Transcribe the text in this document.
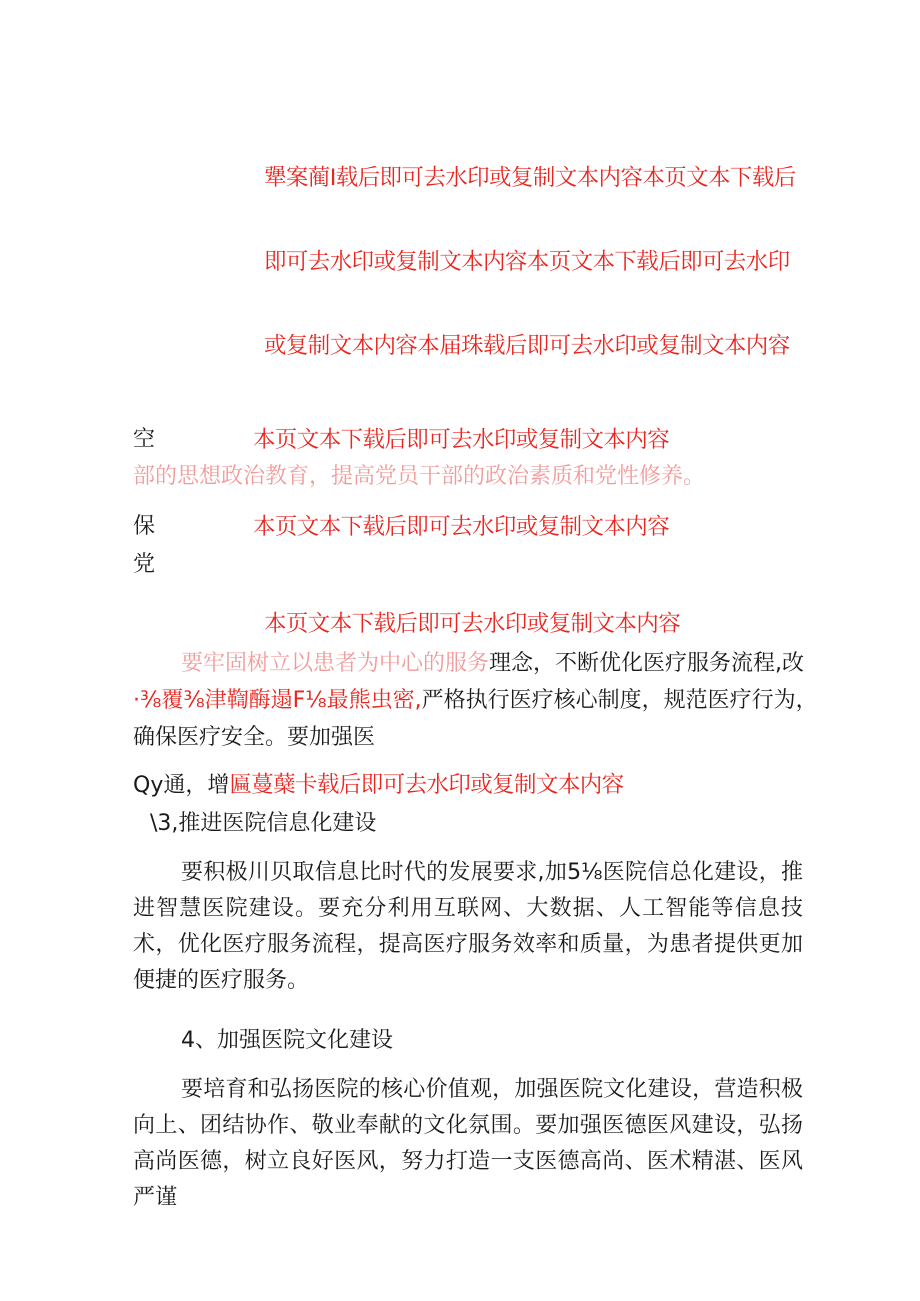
犟案蔺I载后即可去水印或复制文本内容本页文本下载后
即可去水印或复制文本内容本页文本下载后即可去水印
或复制文本内容本届珠载后即可去水印或复制文本内容
空	本页文本下载后即可去水印或复制文本内容
部的思想政治教育，提高党员干部的政治素质和党性修养。
保	本页文本下载后即可去水印或复制文本内容
党
本页文本下载后即可去水印或复制文本内容
要牢固树立以患者为中心的服务理念，不断优化医疗服务流程,改
·⅜覆⅜津鞫酶遢F⅛最熊虫密,严格执行医疗核心制度，规范医疗行为，
确保医疗安全。要加强医
Qy通，增匾蔓蘖卡载后即可去水印或复制文本内容
\3,推进医院信息化建设

要积极川贝取信息比时代的发展要求,加5⅛医院信总化建设，推进智慧医院建设。要充分利用互联网、大数据、人工智能等信息技术，优化医疗服务流程，提高医疗服务效率和质量，为患者提供更加便捷的医疗服务。

4、加强医院文化建设

要培育和弘扬医院的核心价值观，加强医院文化建设，营造积极向上、团结协作、敬业奉献的文化氛围。要加强医德医风建设，弘扬高尚医德，树立良好医风，努力打造一支医德高尚、医术精湛、医风严谨
